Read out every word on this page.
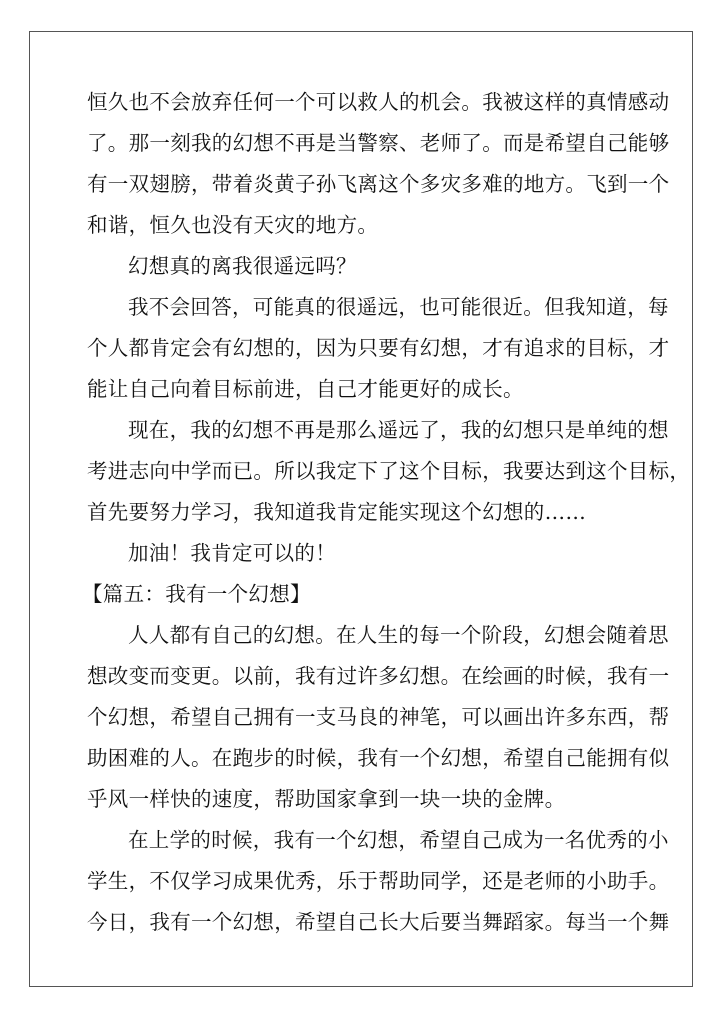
恒久也不会放弃任何一个可以救人的机会。我被这样的真情感动

了。那一刻我的幻想不再是当警察、老师了。而是希望自己能够

有一双翅膀，带着炎黄子孙飞离这个多灾多难的地方。飞到一个

和谐，恒久也没有天灾的地方。

幻想真的离我很遥远吗？

我不会回答，可能真的很遥远，也可能很近。但我知道，每

个人都肯定会有幻想的，因为只要有幻想，才有追求的目标，才

能让自己向着目标前进，自己才能更好的成长。

现在，我的幻想不再是那么遥远了，我的幻想只是单纯的想

考进志向中学而已。所以我定下了这个目标，我要达到这个目标，

首先要努力学习，我知道我肯定能实现这个幻想的……

加油！我肯定可以的！

【篇五：我有一个幻想】

人人都有自己的幻想。在人生的每一个阶段，幻想会随着思

想改变而变更。以前，我有过许多幻想。在绘画的时候，我有一

个幻想，希望自己拥有一支马良的神笔，可以画出许多东西，帮

助困难的人。在跑步的时候，我有一个幻想，希望自己能拥有似

乎风一样快的速度，帮助国家拿到一块一块的金牌。

在上学的时候，我有一个幻想，希望自己成为一名优秀的小

学生，不仅学习成果优秀，乐于帮助同学，还是老师的小助手。

今日，我有一个幻想，希望自己长大后要当舞蹈家。每当一个舞
